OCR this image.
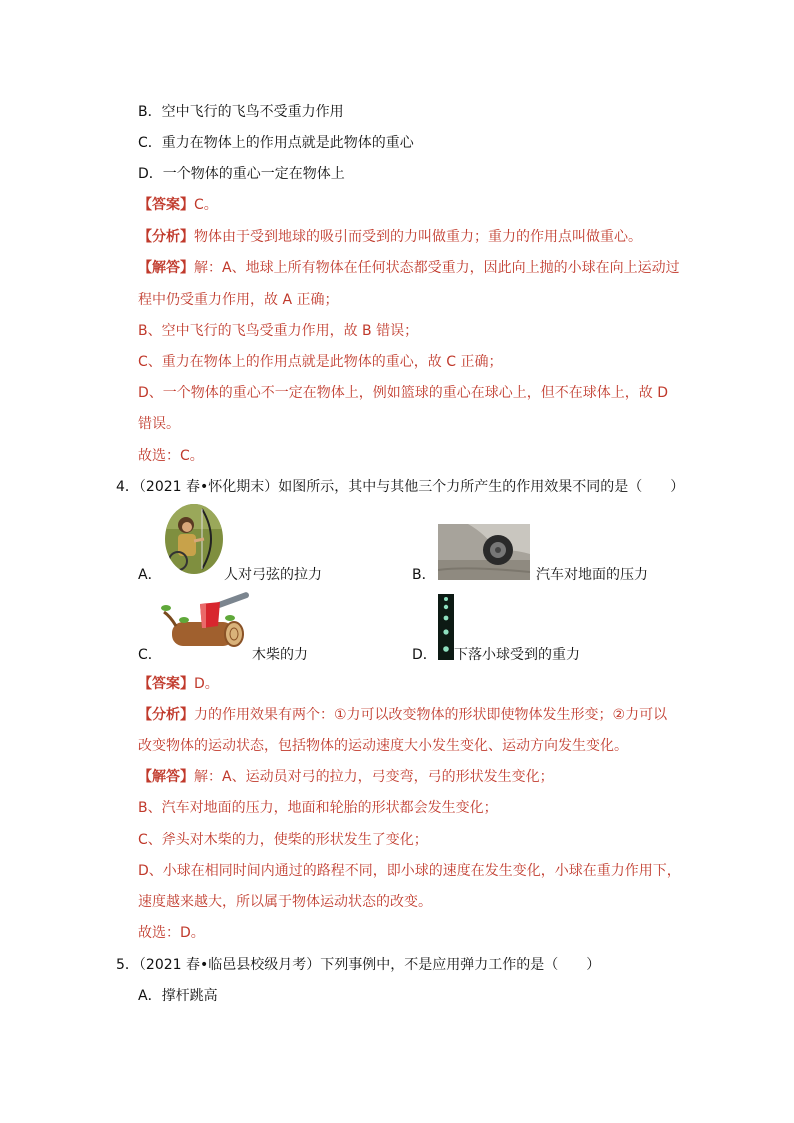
B．空中飞行的飞鸟不受重力作用
C．重力在物体上的作用点就是此物体的重心
D．一个物体的重心一定在物体上
【答案】C。
【分析】物体由于受到地球的吸引而受到的力叫做重力；重力的作用点叫做重心。
【解答】解：A、地球上所有物体在任何状态都受重力，因此向上抛的小球在向上运动过
程中仍受重力作用，故 A 正确；
B、空中飞行的飞鸟受重力作用，故 B 错误；
C、重力在物体上的作用点就是此物体的重心，故 C 正确；
D、一个物体的重心不一定在物体上，例如篮球的重心在球心上，但不在球体上，故 D
错误。
故选：C。
4．（2021 春•怀化期末）如图所示，其中与其他三个力所产生的作用效果不同的是（　　）
A．	人对弓弦的拉力	B．	汽车对地面的压力
C．	木柴的力	D． 下落小球受到的重力
【答案】D。
【分析】力的作用效果有两个：①力可以改变物体的形状即使物体发生形变；②力可以
改变物体的运动状态，包括物体的运动速度大小发生变化、运动方向发生变化。
【解答】解：A、运动员对弓的拉力，弓变弯，弓的形状发生变化；
B、汽车对地面的压力，地面和轮胎的形状都会发生变化；
C、斧头对木柴的力，使柴的形状发生了变化；
D、小球在相同时间内通过的路程不同，即小球的速度在发生变化，小球在重力作用下，
速度越来越大，所以属于物体运动状态的改变。
故选：D。
5．（2021 春•临邑县校级月考）下列事例中，不是应用弹力工作的是（　　）
A．撑杆跳高
